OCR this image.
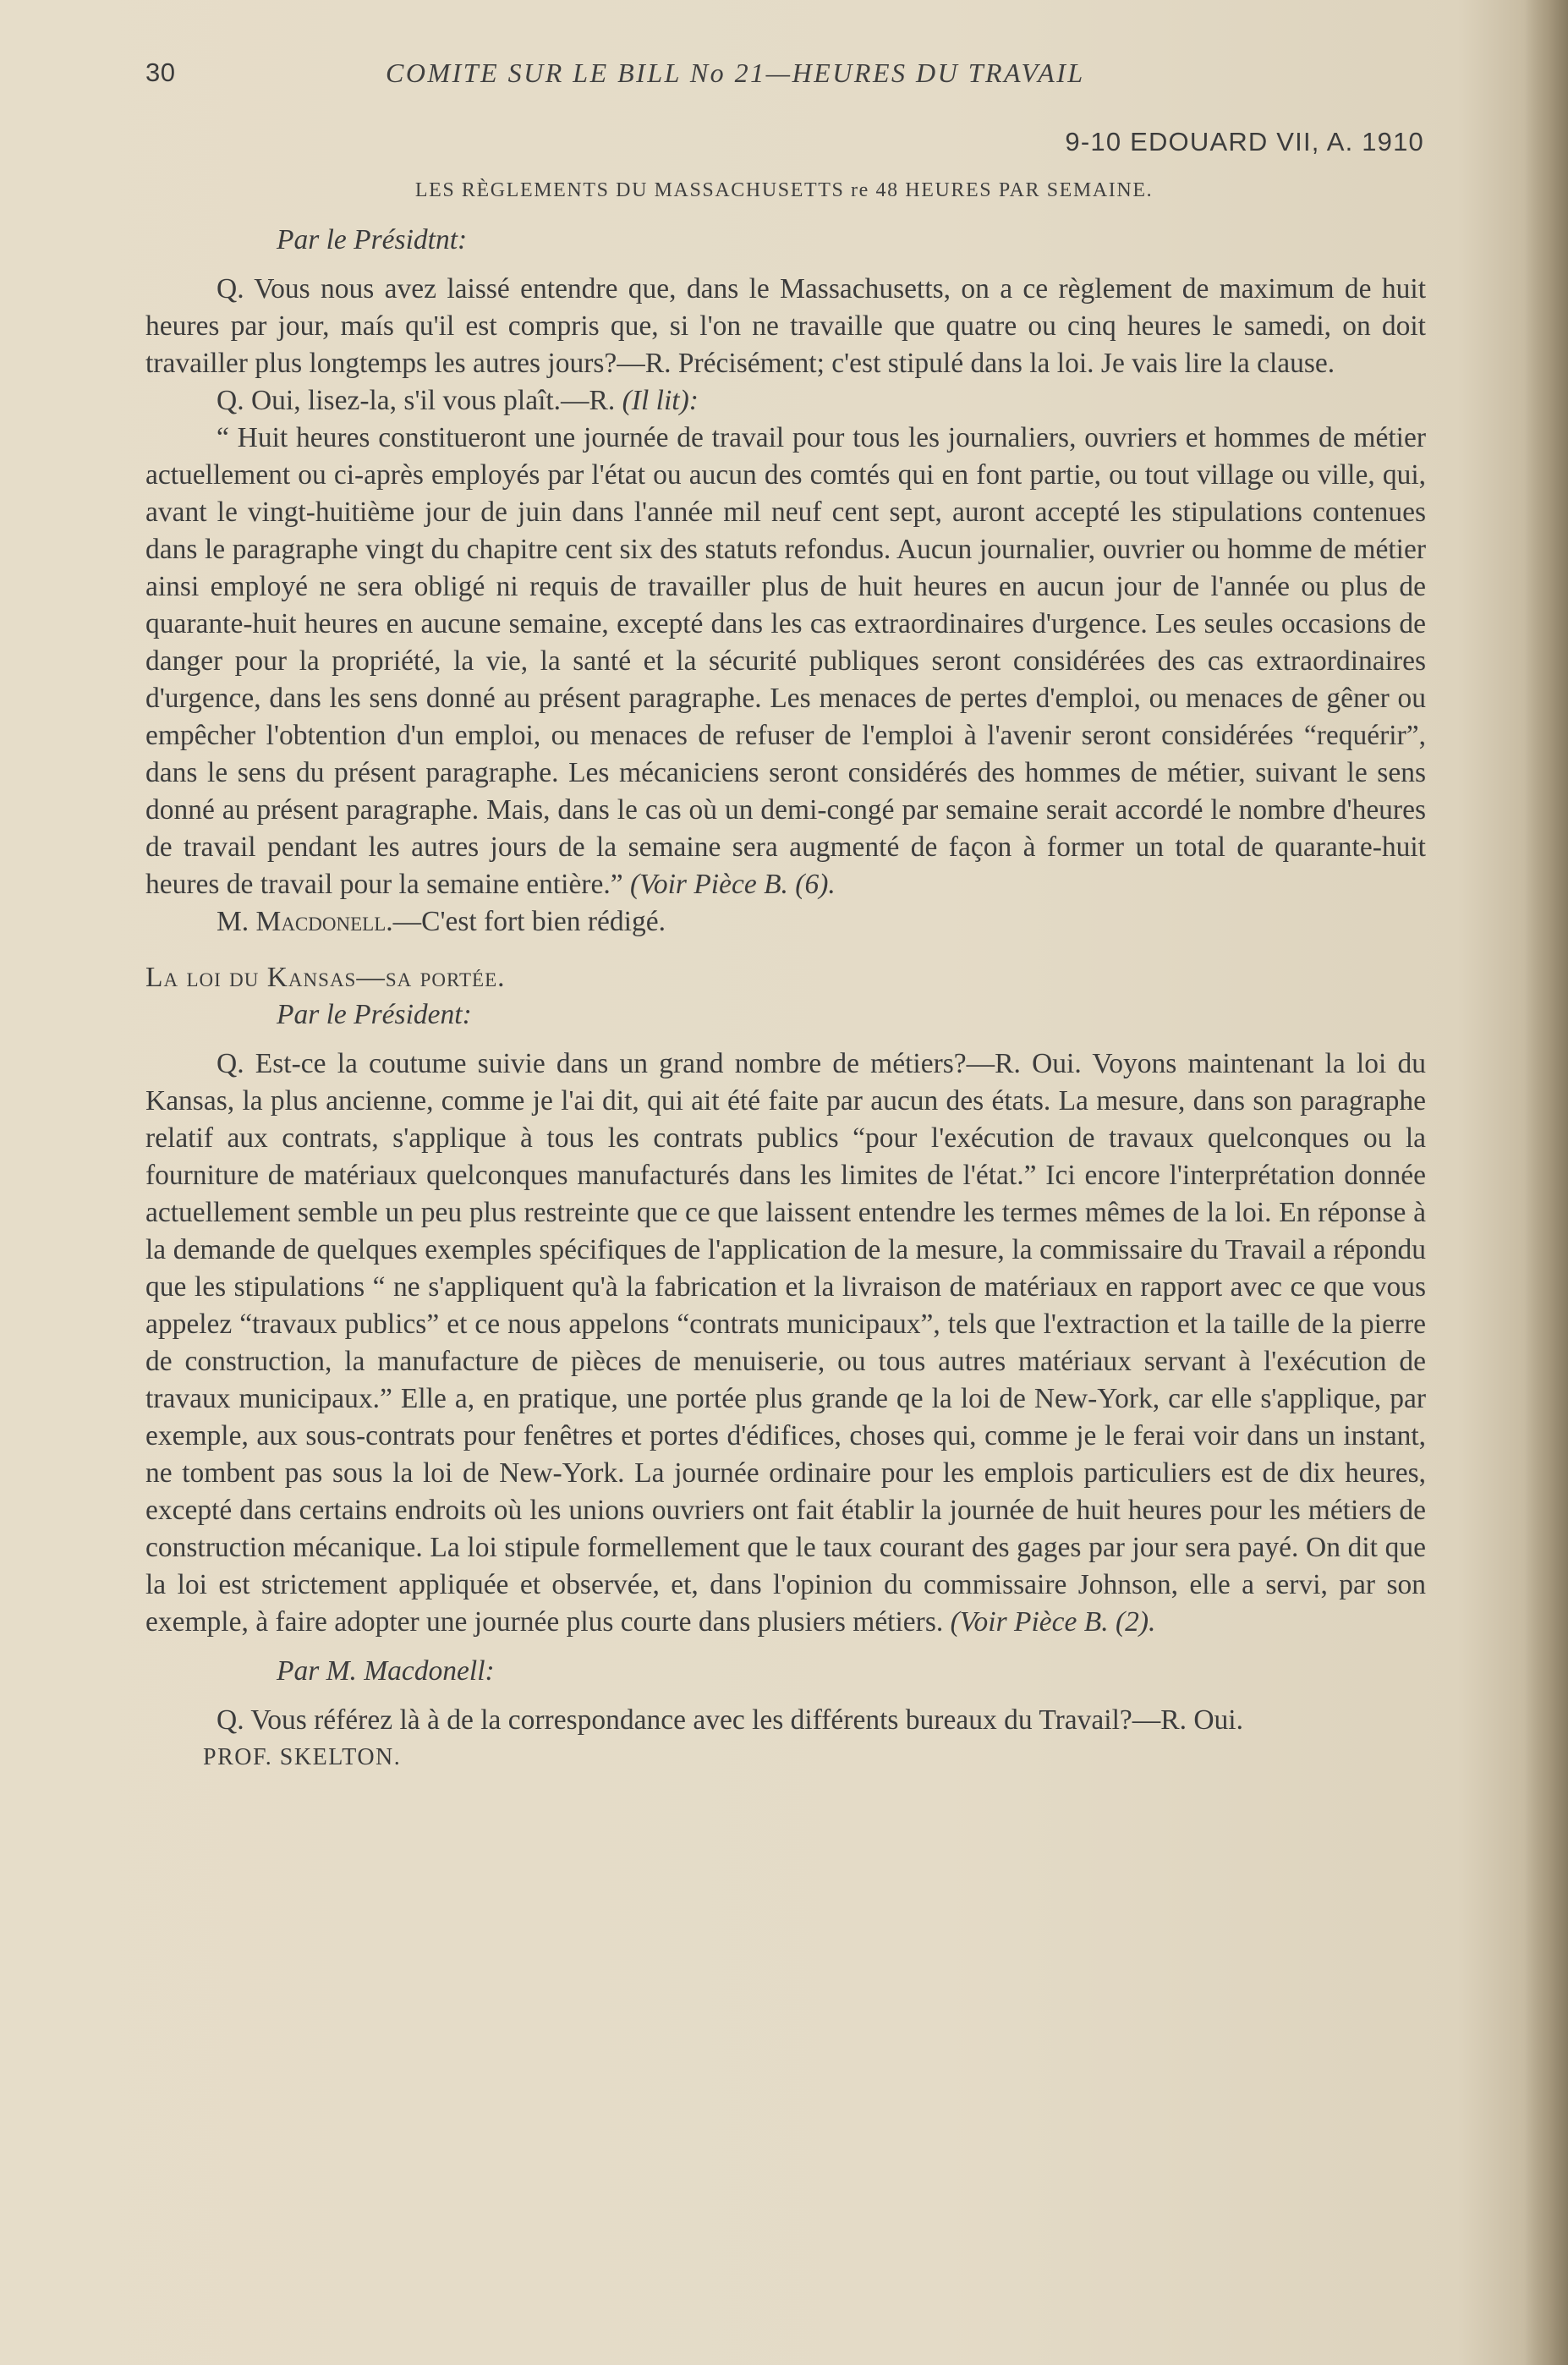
30	COMITE SUR LE BILL No 21—HEURES DU TRAVAIL
9-10 EDOUARD VII, A. 1910
LES RÈGLEMENTS DU MASSACHUSETTS re 48 HEURES PAR SEMAINE.

Par le Présidtnt:

Q. Vous nous avez laissé entendre que, dans le Massachusetts, on a ce règlement de maximum de huit heures par jour, maís qu'il est compris que, si l'on ne travaille que quatre ou cinq heures le samedi, on doit travailler plus longtemps les autres jours?—R. Précisément; c'est stipulé dans la loi. Je vais lire la clause.

Q. Oui, lisez-la, s'il vous plaît.—R. (Il lit):

“ Huit heures constitueront une journée de travail pour tous les journaliers, ouvriers et hommes de métier actuellement ou ci-après employés par l'état ou aucun des comtés qui en font partie, ou tout village ou ville, qui, avant le vingt-huitième jour de juin dans l'année mil neuf cent sept, auront accepté les stipulations contenues dans le paragraphe vingt du chapitre cent six des statuts refondus. Aucun journalier, ouvrier ou homme de métier ainsi employé ne sera obligé ni requis de travailler plus de huit heures en aucun jour de l'année ou plus de quarante-huit heures en aucune semaine, excepté dans les cas extraordinaires d'urgence. Les seules occasions de danger pour la propriété, la vie, la santé et la sécurité publiques seront considérées des cas extraordinaires d'urgence, dans les sens donné au présent paragraphe. Les menaces de pertes d'emploi, ou menaces de gêner ou empêcher l'obtention d'un emploi, ou menaces de refuser de l'emploi à l'avenir seront considérées “requérir”, dans le sens du présent paragraphe. Les mécaniciens seront considérés des hommes de métier, suivant le sens donné au présent paragraphe. Mais, dans le cas où un demi-congé par semaine serait accordé le nombre d'heures de travail pendant les autres jours de la semaine sera augmenté de façon à former un total de quarante-huit heures de travail pour la semaine entière.” (Voir Pièce B. (6).

M. Macdonell.—C'est fort bien rédigé.

La loi du Kansas—sa portée.

Par le Président:

Q. Est-ce la coutume suivie dans un grand nombre de métiers?—R. Oui. Voyons maintenant la loi du Kansas, la plus ancienne, comme je l'ai dit, qui ait été faite par aucun des états. La mesure, dans son paragraphe relatif aux contrats, s'applique à tous les contrats publics “pour l'exécution de travaux quelconques ou la fourniture de matériaux quelconques manufacturés dans les limites de l'état.” Ici encore l'interprétation donnée actuellement semble un peu plus restreinte que ce que laissent entendre les termes mêmes de la loi. En réponse à la demande de quelques exemples spécifiques de l'application de la mesure, la commissaire du Travail a répondu que les stipulations “ ne s'appliquent qu'à la fabrication et la livraison de matériaux en rapport avec ce que vous appelez “travaux publics” et ce nous appelons “contrats municipaux”, tels que l'extraction et la taille de la pierre de construction, la manufacture de pièces de menuiserie, ou tous autres matériaux servant à l'exécution de travaux municipaux.” Elle a, en pratique, une portée plus grande qe la loi de New-York, car elle s'applique, par exemple, aux sous-contrats pour fenêtres et portes d'édifices, choses qui, comme je le ferai voir dans un instant, ne tombent pas sous la loi de New-York. La journée ordinaire pour les emplois particuliers est de dix heures, excepté dans certains endroits où les unions ouvriers ont fait établir la journée de huit heures pour les métiers de construction mécanique. La loi stipule formellement que le taux courant des gages par jour sera payé. On dit que la loi est strictement appliquée et observée, et, dans l'opinion du commissaire Johnson, elle a servi, par son exemple, à faire adopter une journée plus courte dans plusiers métiers. (Voir Pièce B. (2).

Par M. Macdonell:

Q. Vous référez là à de la correspondance avec les différents bureaux du Travail?—R. Oui.

PROF. SKELTON.
